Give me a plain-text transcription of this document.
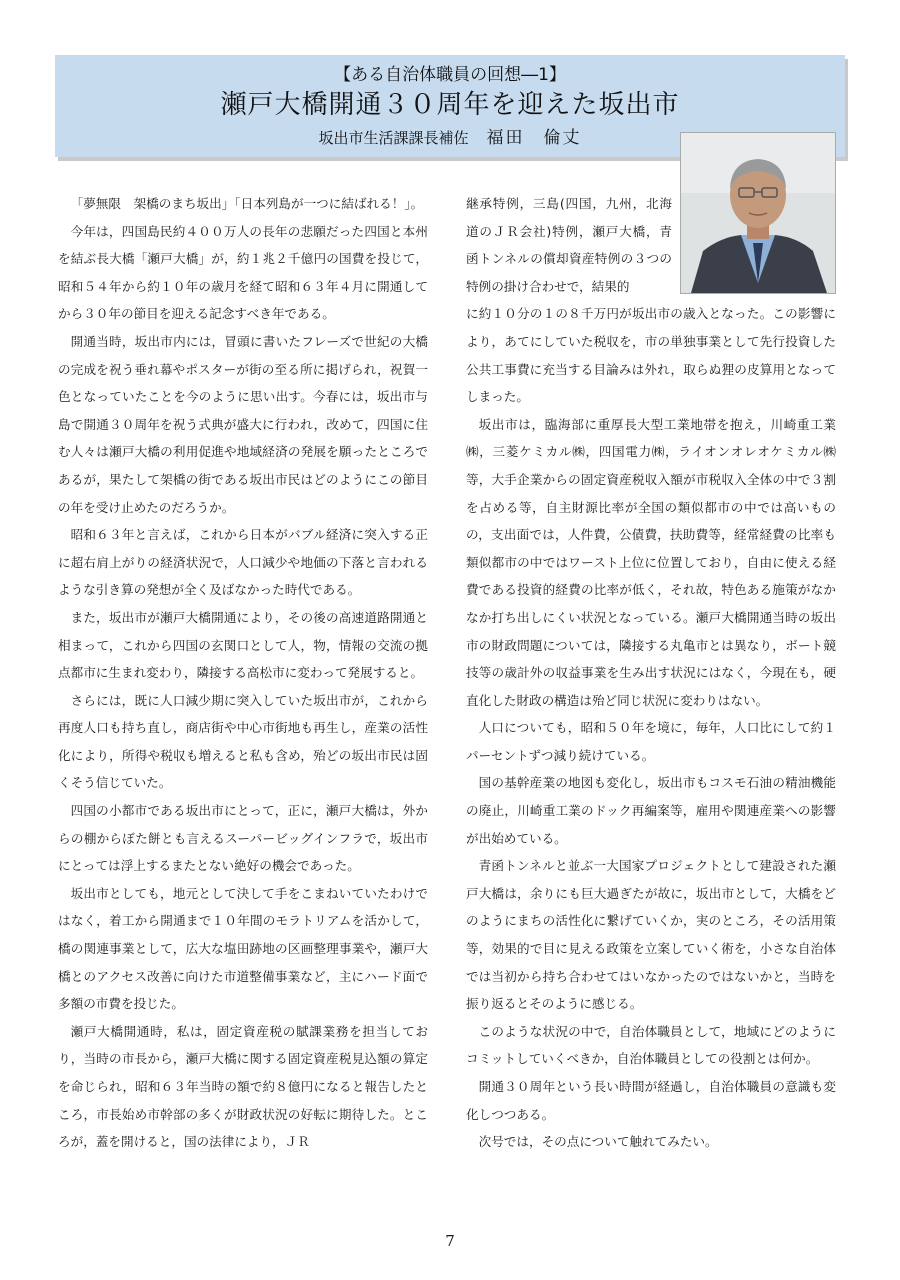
【ある自治体職員の回想―1】
瀬戸大橋開通３０周年を迎えた坂出市
坂出市生活課課長補佐 福田　倫丈

「夢無限　架橋のまち坂出」「日本列島が一つに結ばれる！」。

今年は，四国島民約４００万人の長年の悲願だった四国と本州を結ぶ長大橋「瀬戸大橋」が，約１兆２千億円の国費を投じて，昭和５４年から約１０年の歳月を経て昭和６３年４月に開通してから３０年の節目を迎える記念すべき年である。

開通当時，坂出市内には，冒頭に書いたフレーズで世紀の大橋の完成を祝う垂れ幕やポスターが街の至る所に掲げられ，祝賀一色となっていたことを今のように思い出す。今春には，坂出市与島で開通３０周年を祝う式典が盛大に行われ，改めて，四国に住む人々は瀬戸大橋の利用促進や地域経済の発展を願ったところであるが，果たして架橋の街である坂出市民はどのようにこの節目の年を受け止めたのだろうか。

昭和６３年と言えば，これから日本がバブル経済に突入する正に超右肩上がりの経済状況で，人口減少や地価の下落と言われるような引き算の発想が全く及ばなかった時代である。

また，坂出市が瀬戸大橋開通により，その後の高速道路開通と相まって，これから四国の玄関口として人，物，情報の交流の拠点都市に生まれ変わり，隣接する高松市に変わって発展すると。

さらには，既に人口減少期に突入していた坂出市が，これから再度人口も持ち直し，商店街や中心市街地も再生し，産業の活性化により，所得や税収も増えると私も含め，殆どの坂出市民は固くそう信じていた。

四国の小都市である坂出市にとって，正に，瀬戸大橋は，外からの棚からぼた餅とも言えるスーパービッグインフラで，坂出市にとっては浮上するまたとない絶好の機会であった。

坂出市としても，地元として決して手をこまねいていたわけではなく，着工から開通まで１０年間のモラトリアムを活かして，橋の関連事業として，広大な塩田跡地の区画整理事業や，瀬戸大橋とのアクセス改善に向けた市道整備事業など，主にハード面で多額の市費を投じた。

瀬戸大橋開通時，私は，固定資産税の賦課業務を担当しており，当時の市長から，瀬戸大橋に関する固定資産税見込額の算定を命じられ，昭和６３年当時の額で約８億円になると報告したところ，市長始め市幹部の多くが財政状況の好転に期待した。ところが，蓋を開けると，国の法律により，ＪＲ

継承特例，三島(四国，九州，北海道のＪＲ会社)特例，瀬戸大橋，青函トンネルの償却資産特例の３つの特例の掛け合わせで，結果的

に約１０分の１の８千万円が坂出市の歳入となった。この影響により，あてにしていた税収を，市の単独事業として先行投資した公共工事費に充当する目論みは外れ，取らぬ狸の皮算用となってしまった。

坂出市は，臨海部に重厚長大型工業地帯を抱え，川崎重工業㈱，三菱ケミカル㈱，四国電力㈱，ライオンオレオケミカル㈱等，大手企業からの固定資産税収入額が市税収入全体の中で３割を占める等，自主財源比率が全国の類似都市の中では高いものの，支出面では，人件費，公債費，扶助費等，経常経費の比率も類似都市の中ではワースト上位に位置しており，自由に使える経費である投資的経費の比率が低く，それ故，特色ある施策がなかなか打ち出しにくい状況となっている。瀬戸大橋開通当時の坂出市の財政問題については，隣接する丸亀市とは異なり，ボート競技等の歳計外の収益事業を生み出す状況にはなく，今現在も，硬直化した財政の構造は殆ど同じ状況に変わりはない。

人口についても，昭和５０年を境に，毎年，人口比にして約１パーセントずつ減り続けている。

国の基幹産業の地図も変化し，坂出市もコスモ石油の精油機能の廃止，川崎重工業のドック再編案等，雇用や関連産業への影響が出始めている。

青函トンネルと並ぶ一大国家プロジェクトとして建設された瀬戸大橋は，余りにも巨大過ぎたが故に，坂出市として，大橋をどのようにまちの活性化に繋げていくか，実のところ，その活用策等，効果的で目に見える政策を立案していく術を，小さな自治体では当初から持ち合わせてはいなかったのではないかと，当時を振り返るとそのように感じる。

このような状況の中で，自治体職員として，地域にどのようにコミットしていくべきか，自治体職員としての役割とは何か。

開通３０周年という長い時間が経過し，自治体職員の意識も変化しつつある。

次号では，その点について触れてみたい。

7
